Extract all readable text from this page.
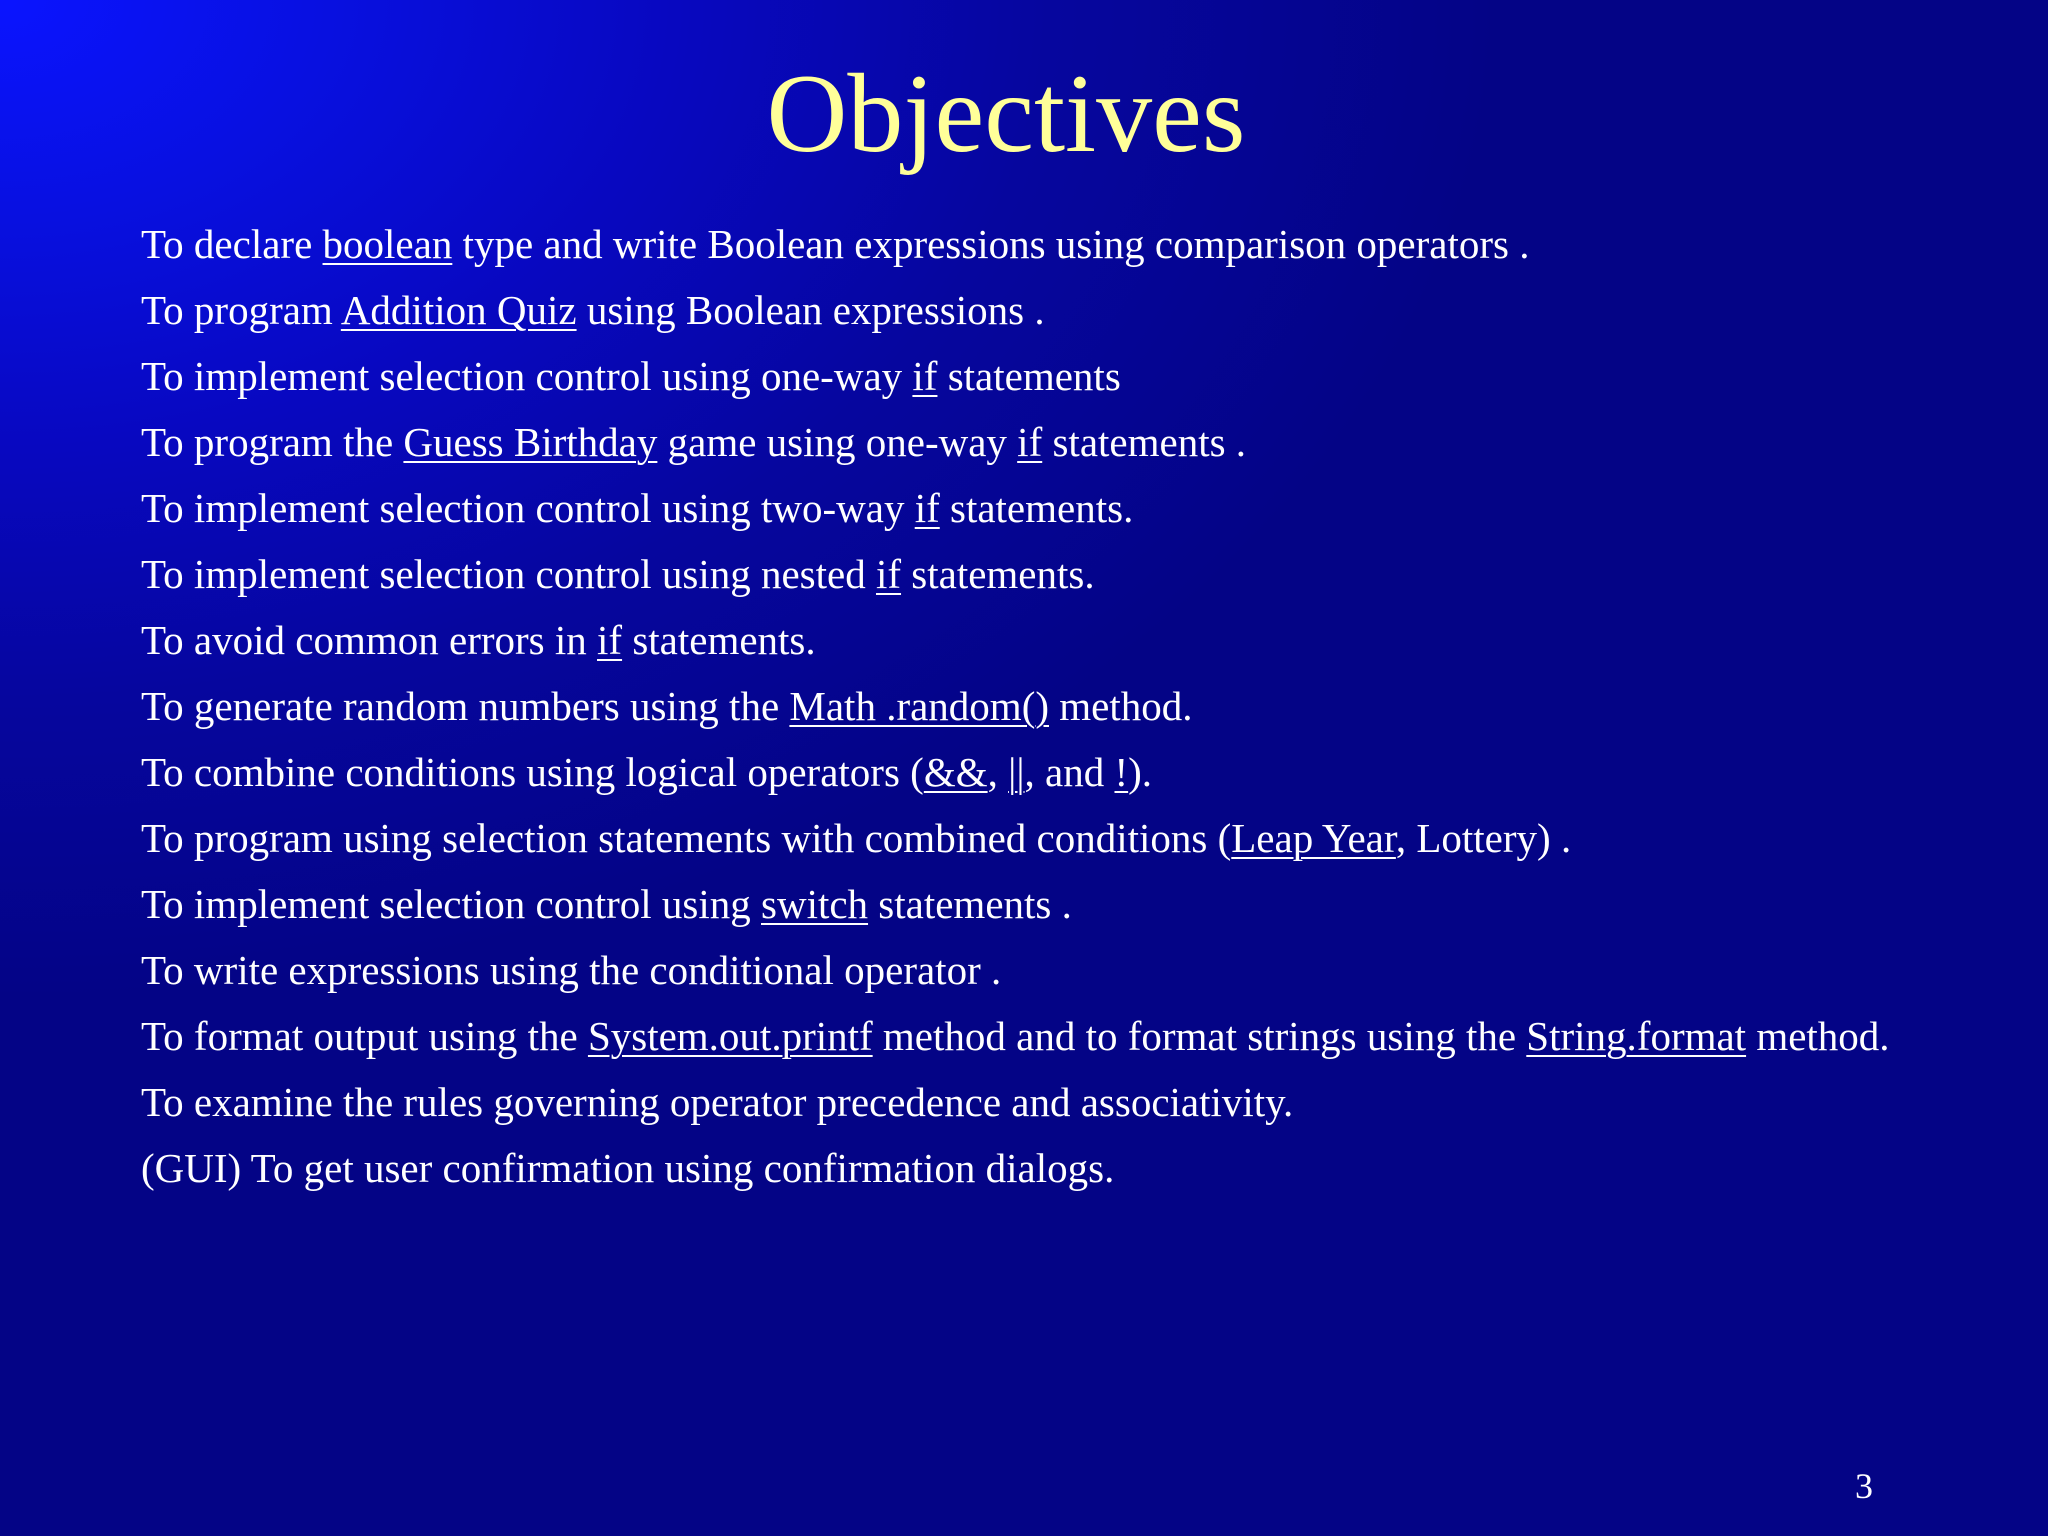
Objectives
To declare boolean type and write Boolean expressions using comparison operators .
To program Addition Quiz using Boolean expressions .
To implement selection control using one-way if statements
To program the Guess Birthday game using one-way if statements .
To implement selection control using two-way if statements.
To implement selection control using nested if statements.
To avoid common errors in if statements.
To generate random numbers using the Math .random() method.
To combine conditions using logical operators (&&, ||, and !).
To program using selection statements with combined conditions (Leap Year, Lottery) .
To implement selection control using switch statements .
To write expressions using the conditional operator .
To format output using the System.out.printf method and to format strings using the String.format method.
To examine the rules governing operator precedence and associativity.
(GUI) To get user confirmation using confirmation dialogs.
3
